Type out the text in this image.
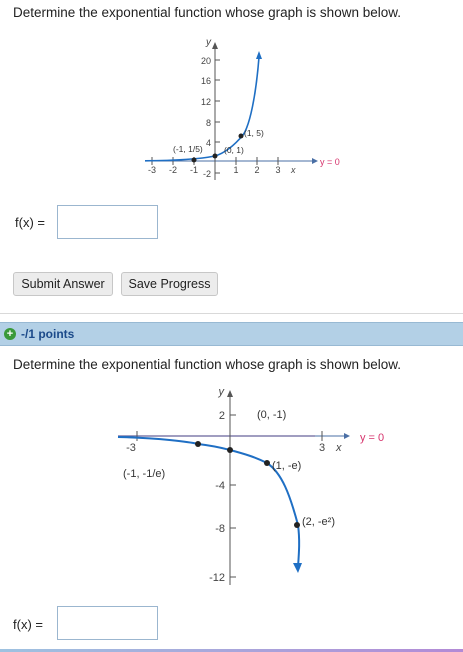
Determine the exponential function whose graph is shown below.
y
20
16
12
8
4
-2
-3 -2 -1	1 2 3 x
y = 0
(1, 5)
(0, 1)
(-1, 1/5)
f(x) =
Submit Answer	Save Progress
+ -/1 points
Determine the exponential function whose graph is shown below.
y
2
-4
-8
-12
-3	3 x
y = 0
(0, -1)
(1, -e)
(2, -e²)
(-1, -1/e)
f(x) =
